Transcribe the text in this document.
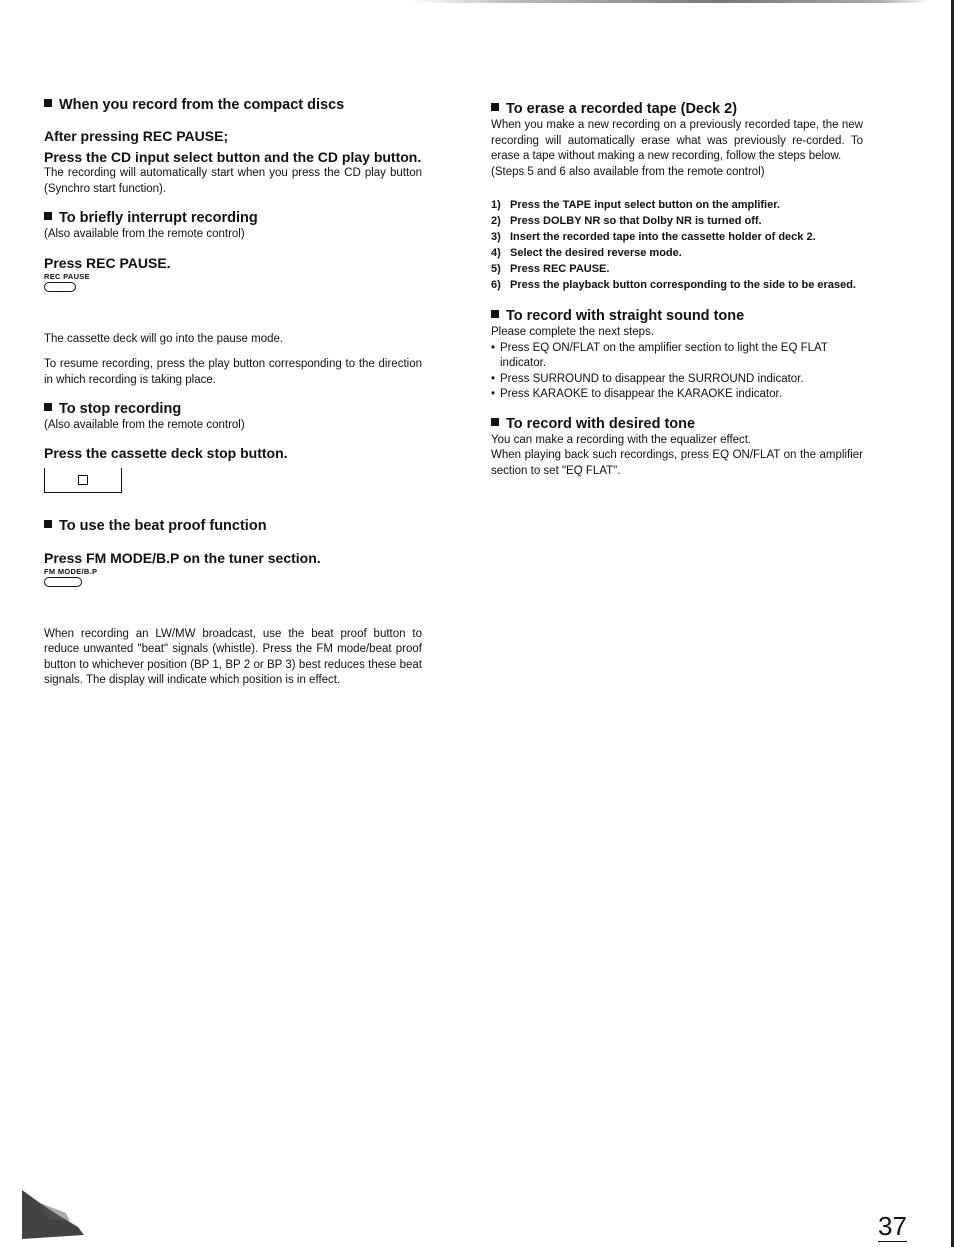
When you record from the compact discs

After pressing REC PAUSE;

Press the CD input select button and the CD play button.

The recording will automatically start when you press the CD play button (Synchro start function).

To briefly interrupt recording

(Also available from the remote control)

Press REC PAUSE.

REC PAUSE

The cassette deck will go into the pause mode.

To resume recording, press the play button corresponding to the direction in which recording is taking place.

To stop recording

(Also available from the remote control)

Press the cassette deck stop button.

To use the beat proof function

Press FM MODE/B.P on the tuner section.

FM MODE/B.P

When recording an LW/MW broadcast, use the beat proof button to reduce unwanted "beat" signals (whistle). Press the FM mode/beat proof button to whichever position (BP 1, BP 2 or BP 3) best reduces these beat signals. The display will indicate which position is in effect.

To erase a recorded tape (Deck 2)

When you make a new recording on a previously recorded tape, the new recording will automatically erase what was previously re-corded. To erase a tape without making a new recording, follow the steps below.

(Steps 5 and 6 also available from the remote control)

1) Press the TAPE input select button on the amplifier.
2) Press DOLBY NR so that Dolby NR is turned off.
3) Insert the recorded tape into the cassette holder of deck 2.
4) Select the desired reverse mode.
5) Press REC PAUSE.
6) Press the playback button corresponding to the side to be erased.

To record with straight sound tone

Please complete the next steps.

• Press EQ ON/FLAT on the amplifier section to light the EQ FLAT indicator.

• Press SURROUND to disappear the SURROUND indicator.

• Press KARAOKE to disappear the KARAOKE indicator.

To record with desired tone

You can make a recording with the equalizer effect.

When playing back such recordings, press EQ ON/FLAT on the amplifier section to set "EQ FLAT".

37
